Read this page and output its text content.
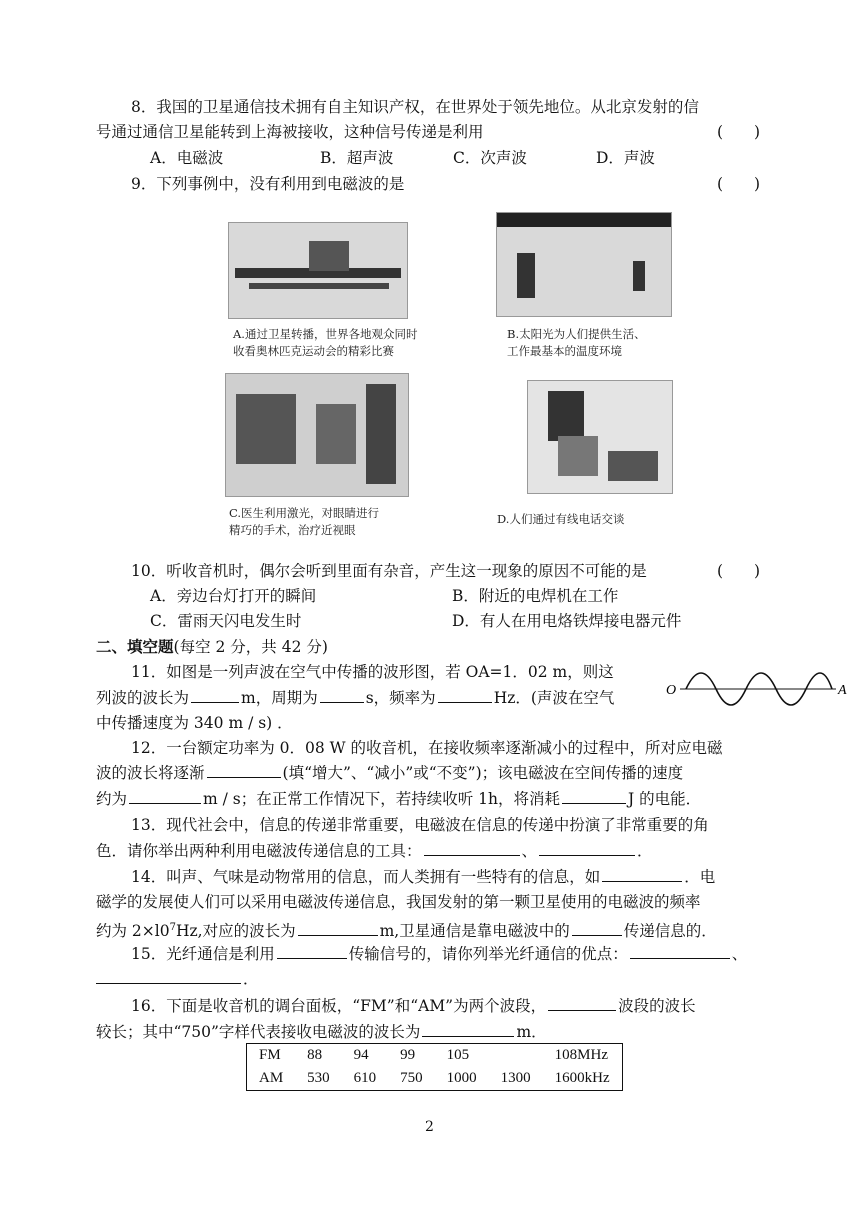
8．我国的卫星通信技术拥有自主知识产权，在世界处于领先地位。从北京发射的信
号通过通信卫星能转到上海被接收，这种信号传递是利用	(　　)
A．电磁波	B．超声波	C．次声波	D．声波
9．下列事例中，没有利用到电磁波的是	(　　)
A.通过卫星转播，世界各地观众同时
收看奥林匹克运动会的精彩比赛
B.太阳光为人们提供生活、
工作最基本的温度环境
C.医生利用激光，对眼睛进行
精巧的手术，治疗近视眼
D.人们通过有线电话交谈
10．听收音机时，偶尔会听到里面有杂音，产生这一现象的原因不可能的是	(　　)
A．旁边台灯打开的瞬间	B．附近的电焊机在工作
C．雷雨天闪电发生时	D．有人在用电烙铁焊接电器元件
二、填空题(每空 2 分，共 42 分)
11．如图是一列声波在空气中传播的波形图，若 OA=1．02 m，则这
列波的波长为	m，周期为	s，频率为	Hz．(声波在空气
中传播速度为 340 m / s) ．
O	A
12．一台额定功率为 0．08 W 的收音机，在接收频率逐渐减小的过程中，所对应电磁
波的波长将逐渐	(填“增大”、“减小”或“不变”)；该电磁波在空间传播的速度
约为	m / s；在正常工作情况下，若持续收听 1h，将消耗	J 的电能．
13．现代社会中，信息的传递非常重要，电磁波在信息的传递中扮演了非常重要的角
色．请你举出两种利用电磁波传递信息的工具：	、	．
14．叫声、气味是动物常用的信息，而人类拥有一些特有的信息，如	．电
磁学的发展使人们可以采用电磁波传递信息，我国发射的第一颗卫星使用的电磁波的频率
约为 $2\times l0^7Hz$,对应的波长为	m,卫星通信是靠电磁波中的	传递信息的．
15．光纤通信是利用	传输信号的，请你列举光纤通信的优点：	、
．
16．下面是收音机的调台面板，“FM”和“AM”为两个波段，	波段的波长
较长；其中“750”字样代表接收电磁波的波长为	m．
FM	88	94	99	105		108MHz
AM	530	610	750	1000	1300	1600kHz
2
